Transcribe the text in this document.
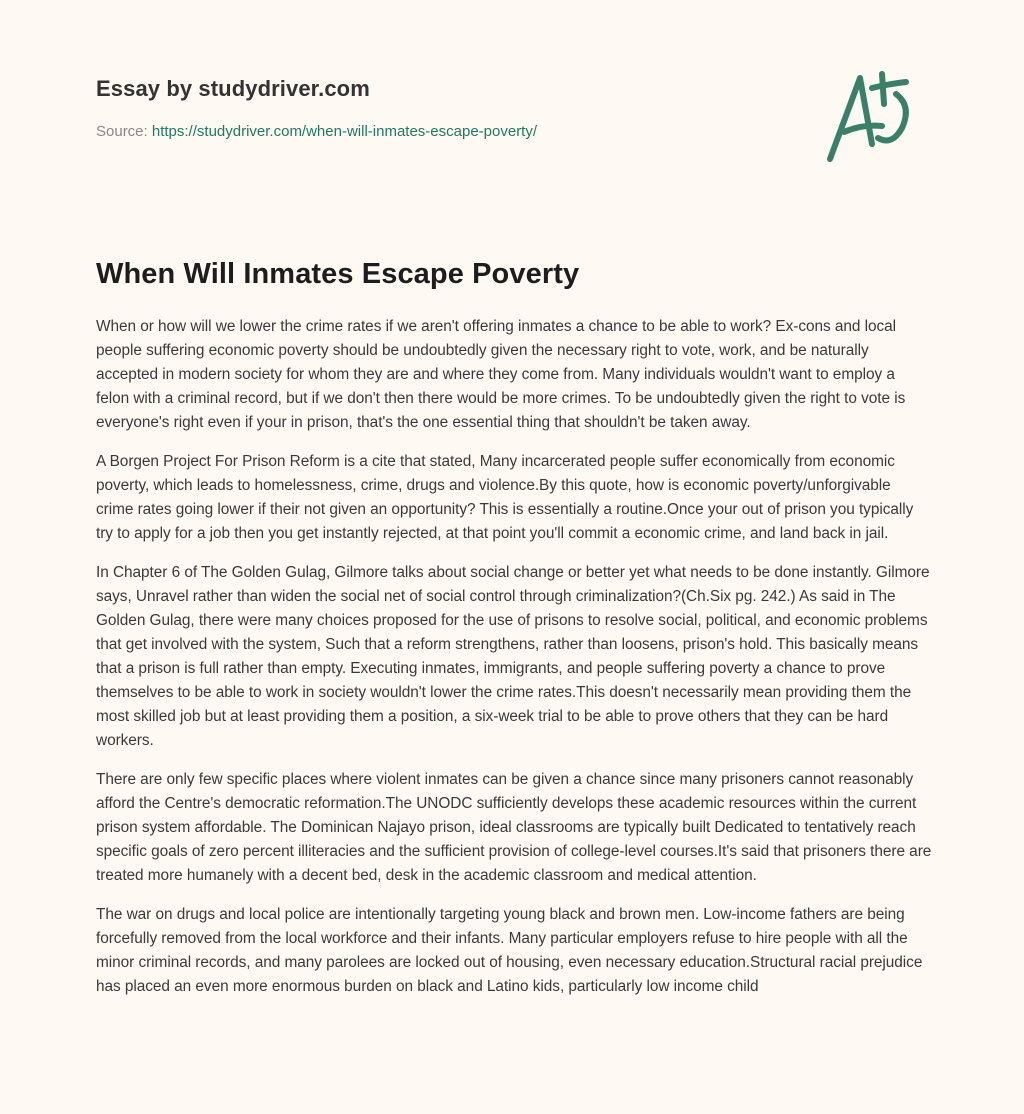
Essay by studydriver.com
Source: https://studydriver.com/when-will-inmates-escape-poverty/
When Will Inmates Escape Poverty

When or how will we lower the crime rates if we aren't offering inmates a chance to be able to work? Ex-cons and local people suffering economic poverty should be undoubtedly given the necessary right to vote, work, and be naturally accepted in modern society for whom they are and where they come from. Many individuals wouldn't want to employ a felon with a criminal record, but if we don't then there would be more crimes. To be undoubtedly given the right to vote is everyone's right even if your in prison, that's the one essential thing that shouldn't be taken away.

A Borgen Project For Prison Reform is a cite that stated, Many incarcerated people suffer economically from economic poverty, which leads to homelessness, crime, drugs and violence.By this quote, how is economic poverty/unforgivable crime rates going lower if their not given an opportunity? This is essentially a routine.Once your out of prison you typically try to apply for a job then you get instantly rejected, at that point you'll commit a economic crime, and land back in jail.

In Chapter 6 of The Golden Gulag, Gilmore talks about social change or better yet what needs to be done instantly. Gilmore says, Unravel rather than widen the social net of social control through criminalization?(Ch.Six pg. 242.) As said in The Golden Gulag, there were many choices proposed for the use of prisons to resolve social, political, and economic problems that get involved with the system, Such that a reform strengthens, rather than loosens, prison's hold. This basically means that a prison is full rather than empty. Executing inmates, immigrants, and people suffering poverty a chance to prove themselves to be able to work in society wouldn't lower the crime rates.This doesn't necessarily mean providing them the most skilled job but at least providing them a position, a six-week trial to be able to prove others that they can be hard workers.

There are only few specific places where violent inmates can be given a chance since many prisoners cannot reasonably afford the Centre's democratic reformation.The UNODC sufficiently develops these academic resources within the current prison system affordable. The Dominican Najayo prison, ideal classrooms are typically built Dedicated to tentatively reach specific goals of zero percent illiteracies and the sufficient provision of college-level courses.It's said that prisoners there are treated more humanely with a decent bed, desk in the academic classroom and medical attention.

The war on drugs and local police are intentionally targeting young black and brown men. Low-income fathers are being forcefully removed from the local workforce and their infants. Many particular employers refuse to hire people with all the minor criminal records, and many parolees are locked out of housing, even necessary education.Structural racial prejudice has placed an even more enormous burden on black and Latino kids, particularly low income child
